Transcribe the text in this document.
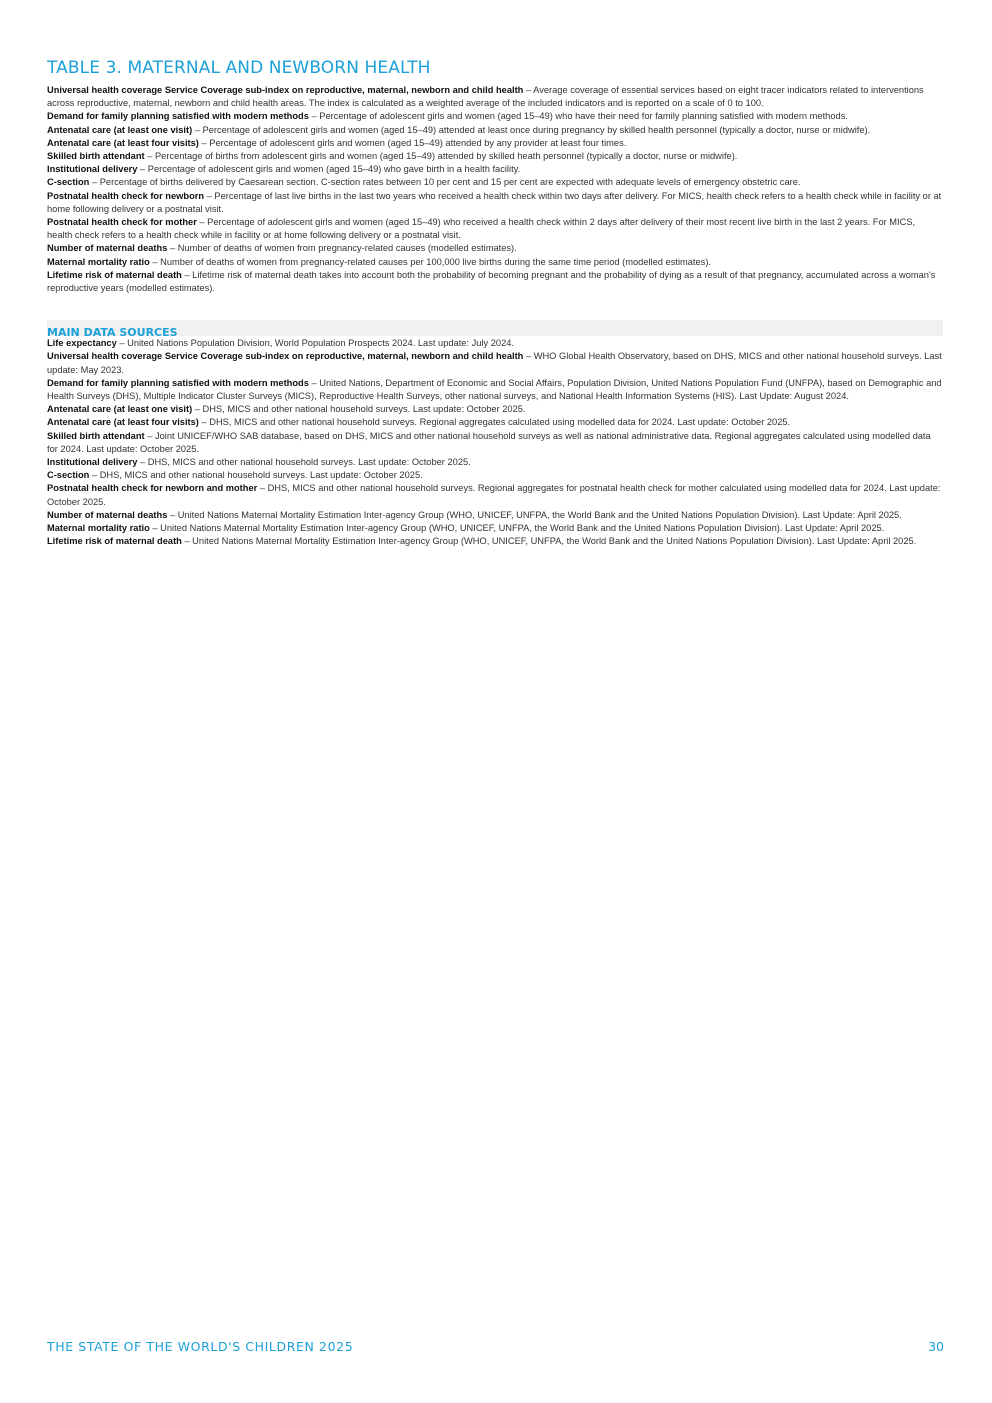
TABLE 3. MATERNAL AND NEWBORN HEALTH

Universal health coverage Service Coverage sub-index on reproductive, maternal, newborn and child health – Average coverage of essential services based on eight tracer indicators related to interventions across reproductive, maternal, newborn and child health areas. The index is calculated as a weighted average of the included indicators and is reported on a scale of 0 to 100.

Demand for family planning satisfied with modern methods – Percentage of adolescent girls and women (aged 15–49) who have their need for family planning satisfied with modern methods.

Antenatal care (at least one visit) – Percentage of adolescent girls and women (aged 15–49) attended at least once during pregnancy by skilled health personnel (typically a doctor, nurse or midwife).

Antenatal care (at least four visits) – Percentage of adolescent girls and women (aged 15–49) attended by any provider at least four times.

Skilled birth attendant – Percentage of births from adolescent girls and women (aged 15–49) attended by skilled heath personnel (typically a doctor, nurse or midwife).

Institutional delivery – Percentage of adolescent girls and women (aged 15–49) who gave birth in a health facility.

C-section – Percentage of births delivered by Caesarean section. C-section rates between 10 per cent and 15 per cent are expected with adequate levels of emergency obstetric care.

Postnatal health check for newborn – Percentage of last live births in the last two years who received a health check within two days after delivery. For MICS, health check refers to a health check while in facility or at home following delivery or a postnatal visit.

Postnatal health check for mother – Percentage of adolescent girls and women (aged 15–49) who received a health check within 2 days after delivery of their most recent live birth in the last 2 years. For MICS, health check refers to a health check while in facility or at home following delivery or a postnatal visit.

Number of maternal deaths – Number of deaths of women from pregnancy-related causes (modelled estimates).

Maternal mortality ratio – Number of deaths of women from pregnancy-related causes per 100,000 live births during the same time period (modelled estimates).

Lifetime risk of maternal death – Lifetime risk of maternal death takes into account both the probability of becoming pregnant and the probability of dying as a result of that pregnancy, accumulated across a woman's reproductive years (modelled estimates).

MAIN DATA SOURCES

Life expectancy – United Nations Population Division, World Population Prospects 2024. Last update: July 2024.

Universal health coverage Service Coverage sub-index on reproductive, maternal, newborn and child health – WHO Global Health Observatory, based on DHS, MICS and other national household surveys. Last update: May 2023.

Demand for family planning satisfied with modern methods – United Nations, Department of Economic and Social Affairs, Population Division, United Nations Population Fund (UNFPA), based on Demographic and Health Surveys (DHS), Multiple Indicator Cluster Surveys (MICS), Reproductive Health Surveys, other national surveys, and National Health Information Systems (HIS). Last Update: August 2024.

Antenatal care (at least one visit) – DHS, MICS and other national household surveys. Last update: October 2025.

Antenatal care (at least four visits) – DHS, MICS and other national household surveys. Regional aggregates calculated using modelled data for 2024. Last update: October 2025.

Skilled birth attendant – Joint UNICEF/WHO SAB database, based on DHS, MICS and other national household surveys as well as national administrative data. Regional aggregates calculated using modelled data for 2024. Last update: October 2025.

Institutional delivery – DHS, MICS and other national household surveys. Last update: October 2025.

C-section – DHS, MICS and other national household surveys. Last update: October 2025.

Postnatal health check for newborn and mother – DHS, MICS and other national household surveys. Regional aggregates for postnatal health check for mother calculated using modelled data for 2024. Last update: October 2025.

Number of maternal deaths – United Nations Maternal Mortality Estimation Inter-agency Group (WHO, UNICEF, UNFPA, the World Bank and the United Nations Population Division). Last Update: April 2025.

Maternal mortality ratio – United Nations Maternal Mortality Estimation Inter-agency Group (WHO, UNICEF, UNFPA, the World Bank and the United Nations Population Division). Last Update: April 2025.

Lifetime risk of maternal death – United Nations Maternal Mortality Estimation Inter-agency Group (WHO, UNICEF, UNFPA, the World Bank and the United Nations Population Division). Last Update: April 2025.

THE STATE OF THE WORLD'S CHILDREN 2025	30
